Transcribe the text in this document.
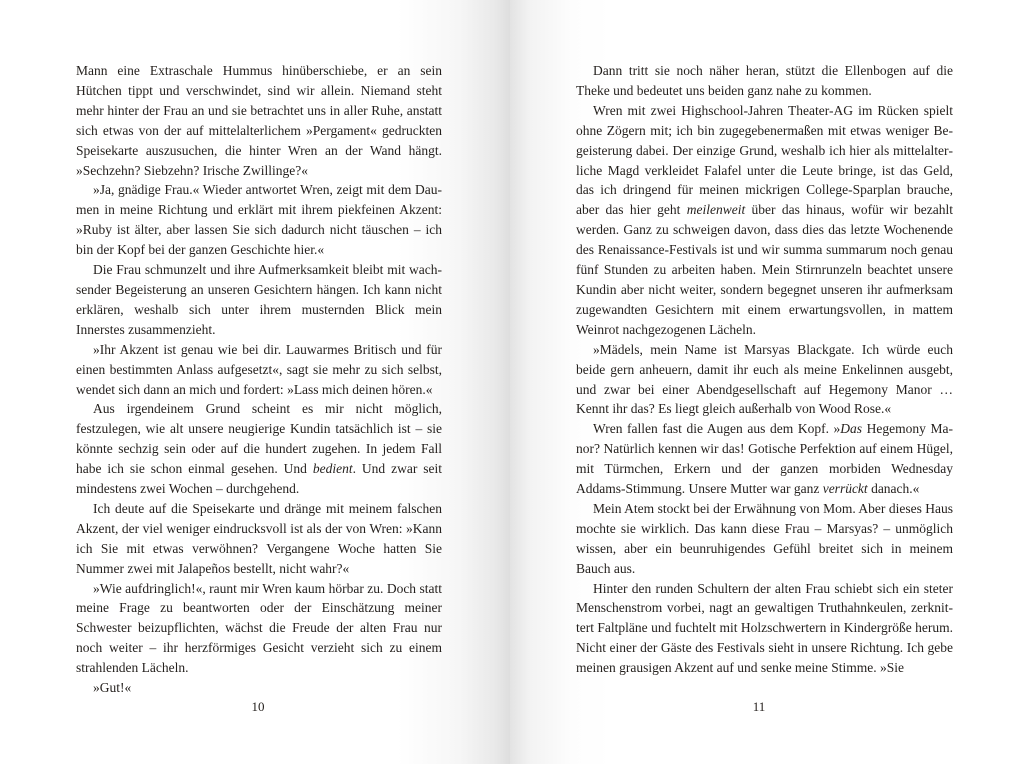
Mann eine Extraschale Hummus hinüberschiebe, er an sein Hütchen tippt und verschwindet, sind wir allein. Niemand steht mehr hinter der Frau an und sie betrachtet uns in aller Ruhe, anstatt sich etwas von der auf mittelalterlichem »Pergament« gedruckten Speisekarte auszusuchen, die hinter Wren an der Wand hängt. »Sechzehn? Siebzehn? Irische Zwillinge?«

»Ja, gnädige Frau.« Wieder antwortet Wren, zeigt mit dem Daumen in meine Richtung und erklärt mit ihrem piekfeinen Akzent: »Ruby ist älter, aber lassen Sie sich dadurch nicht täuschen – ich bin der Kopf bei der ganzen Geschichte hier.«

Die Frau schmunzelt und ihre Aufmerksamkeit bleibt mit wachsender Begeisterung an unseren Gesichtern hängen. Ich kann nicht erklären, weshalb sich unter ihrem musternden Blick mein Innerstes zusammenzieht.

»Ihr Akzent ist genau wie bei dir. Lauwarmes Britisch und für einen bestimmten Anlass aufgesetzt«, sagt sie mehr zu sich selbst, wendet sich dann an mich und fordert: »Lass mich deinen hören.«

Aus irgendeinem Grund scheint es mir nicht möglich, festzulegen, wie alt unsere neugierige Kundin tatsächlich ist – sie könnte sechzig sein oder auf die hundert zugehen. In jedem Fall habe ich sie schon einmal gesehen. Und bedient. Und zwar seit mindestens zwei Wochen – durchgehend.

Ich deute auf die Speisekarte und dränge mit meinem falschen Akzent, der viel weniger eindrucksvoll ist als der von Wren: »Kann ich Sie mit etwas verwöhnen? Vergangene Woche hatten Sie Nummer zwei mit Jalapeños bestellt, nicht wahr?«

»Wie aufdringlich!«, raunt mir Wren kaum hörbar zu. Doch statt meine Frage zu beantworten oder der Einschätzung meiner Schwester beizupflichten, wächst die Freude der alten Frau nur noch weiter – ihr herzförmiges Gesicht verzieht sich zu einem strahlenden Lächeln.

»Gut!«

10

Dann tritt sie noch näher heran, stützt die Ellenbogen auf die Theke und bedeutet uns beiden ganz nahe zu kommen.

Wren mit zwei Highschool-Jahren Theater-AG im Rücken spielt ohne Zögern mit; ich bin zugegebenermaßen mit etwas weniger Begeisterung dabei. Der einzige Grund, weshalb ich hier als mittelalterliche Magd verkleidet Falafel unter die Leute bringe, ist das Geld, das ich dringend für meinen mickrigen College-Sparplan brauche, aber das hier geht meilenweit über das hinaus, wofür wir bezahlt werden. Ganz zu schweigen davon, dass dies das letzte Wochenende des Renaissance-Festivals ist und wir summa summarum noch genau fünf Stunden zu arbeiten haben. Mein Stirnrunzeln beachtet unsere Kundin aber nicht weiter, sondern begegnet unseren ihr aufmerksam zugewandten Gesichtern mit einem erwartungsvollen, in mattem Weinrot nachgezogenen Lächeln.

»Mädels, mein Name ist Marsyas Blackgate. Ich würde euch beide gern anheuern, damit ihr euch als meine Enkelinnen ausgebt, und zwar bei einer Abendgesellschaft auf Hegemony Manor … Kennt ihr das? Es liegt gleich außerhalb von Wood Rose.«

Wren fallen fast die Augen aus dem Kopf. »Das Hegemony Manor? Natürlich kennen wir das! Gotische Perfektion auf einem Hügel, mit Türmchen, Erkern und der ganzen morbiden Wednesday Addams-Stimmung. Unsere Mutter war ganz verrückt danach.«

Mein Atem stockt bei der Erwähnung von Mom. Aber dieses Haus mochte sie wirklich. Das kann diese Frau – Marsyas? – unmöglich wissen, aber ein beunruhigendes Gefühl breitet sich in meinem Bauch aus.

Hinter den runden Schultern der alten Frau schiebt sich ein steter Menschenstrom vorbei, nagt an gewaltigen Truthahnkeulen, zerknittert Faltpläne und fuchtelt mit Holzschwertern in Kindergröße herum. Nicht einer der Gäste des Festivals sieht in unsere Richtung. Ich gebe meinen grausigen Akzent auf und senke meine Stimme. »Sie

11
